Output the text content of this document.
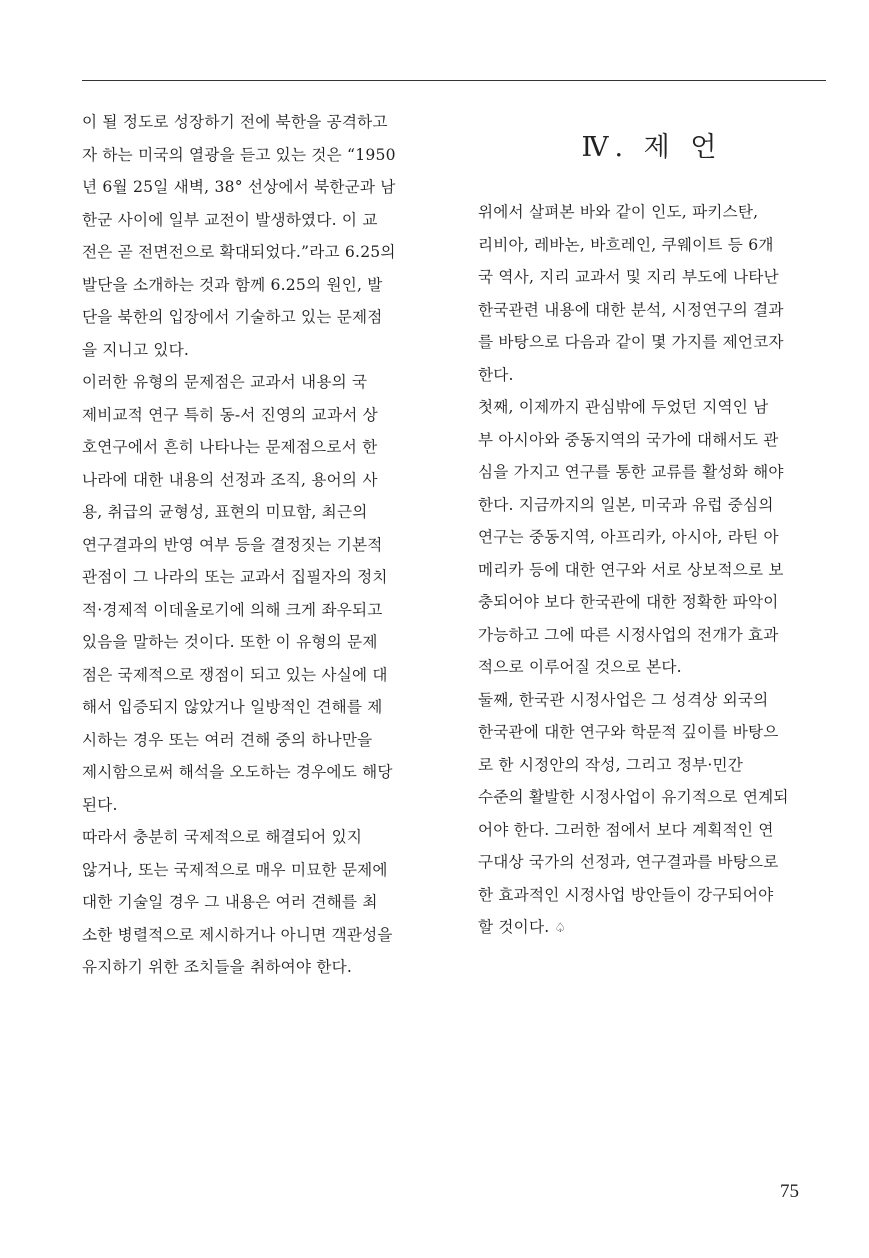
이 될 정도로 성장하기 전에 북한을 공격하고
자 하는 미국의 열광을 듣고 있는 것은 “1950
년 6월 25일 새벽, 38° 선상에서 북한군과 남
한군 사이에 일부 교전이 발생하였다. 이 교
전은 곧 전면전으로 확대되었다.”라고 6.25의
발단을 소개하는 것과 함께 6.25의 원인, 발
단을 북한의 입장에서 기술하고 있는 문제점
을 지니고 있다.

이러한 유형의 문제점은 교과서 내용의 국
제비교적 연구 특히 동-서 진영의 교과서 상
호연구에서 흔히 나타나는 문제점으로서 한
나라에 대한 내용의 선정과 조직, 용어의 사
용, 취급의 균형성, 표현의 미묘함, 최근의
연구결과의 반영 여부 등을 결정짓는 기본적
관점이 그 나라의 또는 교과서 집필자의 정치
적·경제적 이데올로기에 의해 크게 좌우되고
있음을 말하는 것이다. 또한 이 유형의 문제
점은 국제적으로 쟁점이 되고 있는 사실에 대
해서 입증되지 않았거나 일방적인 견해를 제
시하는 경우 또는 여러 견해 중의 하나만을
제시함으로써 해석을 오도하는 경우에도 해당
된다.

따라서 충분히 국제적으로 해결되어 있지
않거나, 또는 국제적으로 매우 미묘한 문제에
대한 기술일 경우 그 내용은 여러 견해를 최
소한 병렬적으로 제시하거나 아니면 객관성을
유지하기 위한 조치들을 취하여야 한다.

Ⅳ. 제 언

위에서 살펴본 바와 같이 인도, 파키스탄,
리비아, 레바논, 바흐레인, 쿠웨이트 등 6개
국 역사, 지리 교과서 및 지리 부도에 나타난
한국관련 내용에 대한 분석, 시정연구의 결과
를 바탕으로 다음과 같이 몇 가지를 제언코자
한다.

첫째, 이제까지 관심밖에 두었던 지역인 남
부 아시아와 중동지역의 국가에 대해서도 관
심을 가지고 연구를 통한 교류를 활성화 해야
한다. 지금까지의 일본, 미국과 유럽 중심의
연구는 중동지역, 아프리카, 아시아, 라틴 아
메리카 등에 대한 연구와 서로 상보적으로 보
충되어야 보다 한국관에 대한 정확한 파악이
가능하고 그에 따른 시정사업의 전개가 효과
적으로 이루어질 것으로 본다.

둘째, 한국관 시정사업은 그 성격상 외국의
한국관에 대한 연구와 학문적 깊이를 바탕으
로 한 시정안의 작성, 그리고 정부·민간
수준의 활발한 시정사업이 유기적으로 연계되
어야 한다. 그러한 점에서 보다 계획적인 연
구대상 국가의 선정과, 연구결과를 바탕으로
한 효과적인 시정사업 방안들이 강구되어야
할 것이다. ♤

75
